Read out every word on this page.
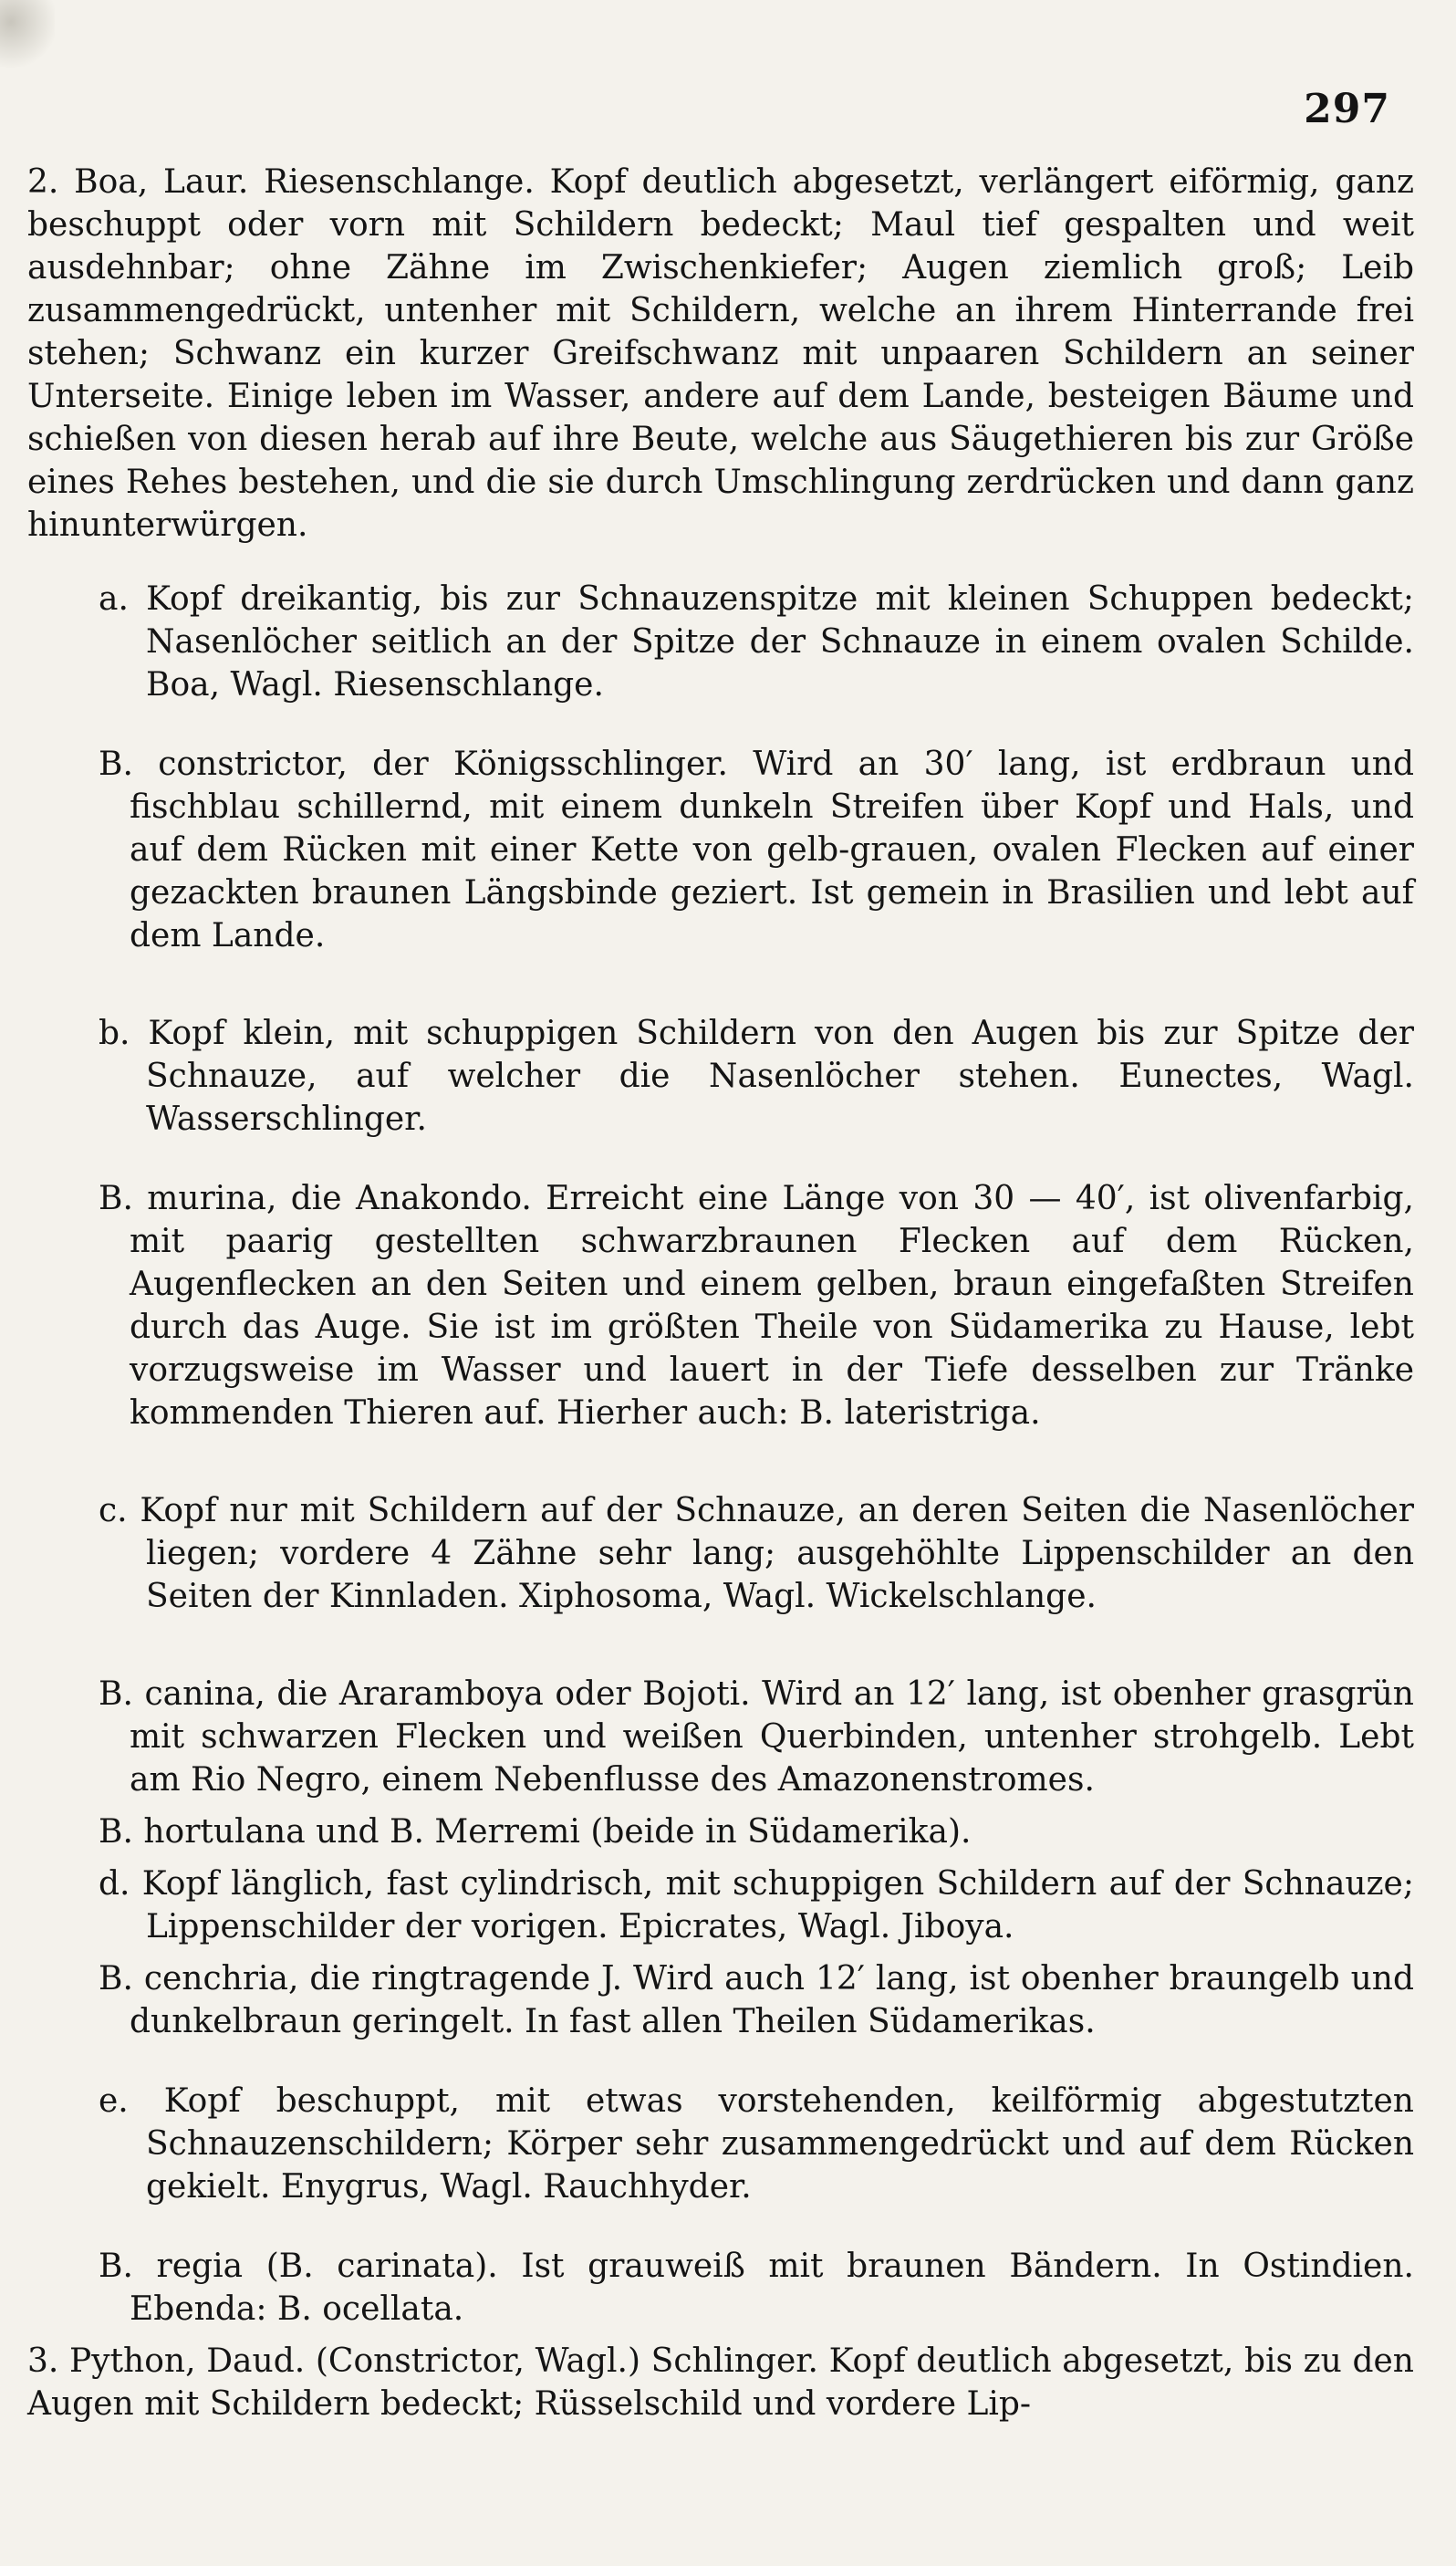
297

2. Boa, Laur. Riesenschlange. Kopf deutlich abgesetzt, verlängert eiförmig, ganz beschuppt oder vorn mit Schildern bedeckt; Maul tief gespalten und weit ausdehnbar; ohne Zähne im Zwischenkiefer; Augen ziemlich groß; Leib zusammengedrückt, untenher mit Schildern, welche an ihrem Hinterrande frei stehen; Schwanz ein kurzer Greifschwanz mit unpaaren Schildern an seiner Unterseite. Einige leben im Wasser, andere auf dem Lande, besteigen Bäume und schießen von diesen herab auf ihre Beute, welche aus Säugethieren bis zur Größe eines Rehes bestehen, und die sie durch Umschlingung zerdrücken und dann ganz hinunterwürgen.

a. Kopf dreikantig, bis zur Schnauzenspitze mit kleinen Schuppen bedeckt; Nasenlöcher seitlich an der Spitze der Schnauze in einem ovalen Schilde. Boa, Wagl. Riesenschlange.

B. constrictor, der Königsschlinger. Wird an 30′ lang, ist erdbraun und fischblau schillernd, mit einem dunkeln Streifen über Kopf und Hals, und auf dem Rücken mit einer Kette von gelb-grauen, ovalen Flecken auf einer gezackten braunen Längsbinde geziert. Ist gemein in Brasilien und lebt auf dem Lande.

b. Kopf klein, mit schuppigen Schildern von den Augen bis zur Spitze der Schnauze, auf welcher die Nasenlöcher stehen. Eunectes, Wagl. Wasserschlinger.

B. murina, die Anakondo. Erreicht eine Länge von 30 — 40′, ist olivenfarbig, mit paarig gestellten schwarzbraunen Flecken auf dem Rücken, Augenflecken an den Seiten und einem gelben, braun eingefaßten Streifen durch das Auge. Sie ist im größten Theile von Südamerika zu Hause, lebt vorzugsweise im Wasser und lauert in der Tiefe desselben zur Tränke kommenden Thieren auf. Hierher auch: B. lateristriga.

c. Kopf nur mit Schildern auf der Schnauze, an deren Seiten die Nasenlöcher liegen; vordere 4 Zähne sehr lang; ausgehöhlte Lippenschilder an den Seiten der Kinnladen. Xiphosoma, Wagl. Wickelschlange.

B. canina, die Araramboya oder Bojoti. Wird an 12′ lang, ist obenher grasgrün mit schwarzen Flecken und weißen Querbinden, untenher strohgelb. Lebt am Rio Negro, einem Nebenflusse des Amazonenstromes.

B. hortulana und B. Merremi (beide in Südamerika).

d. Kopf länglich, fast cylindrisch, mit schuppigen Schildern auf der Schnauze; Lippenschilder der vorigen. Epicrates, Wagl. Jiboya.

B. cenchria, die ringtragende J. Wird auch 12′ lang, ist obenher braungelb und dunkelbraun geringelt. In fast allen Theilen Südamerikas.

e. Kopf beschuppt, mit etwas vorstehenden, keilförmig abgestutzten Schnauzenschildern; Körper sehr zusammengedrückt und auf dem Rücken gekielt. Enygrus, Wagl. Rauchhyder.

B. regia (B. carinata). Ist grauweiß mit braunen Bändern. In Ostindien. Ebenda: B. ocellata.

3. Python, Daud. (Constrictor, Wagl.) Schlinger. Kopf deutlich abgesetzt, bis zu den Augen mit Schildern bedeckt; Rüsselschild und vordere Lip-
